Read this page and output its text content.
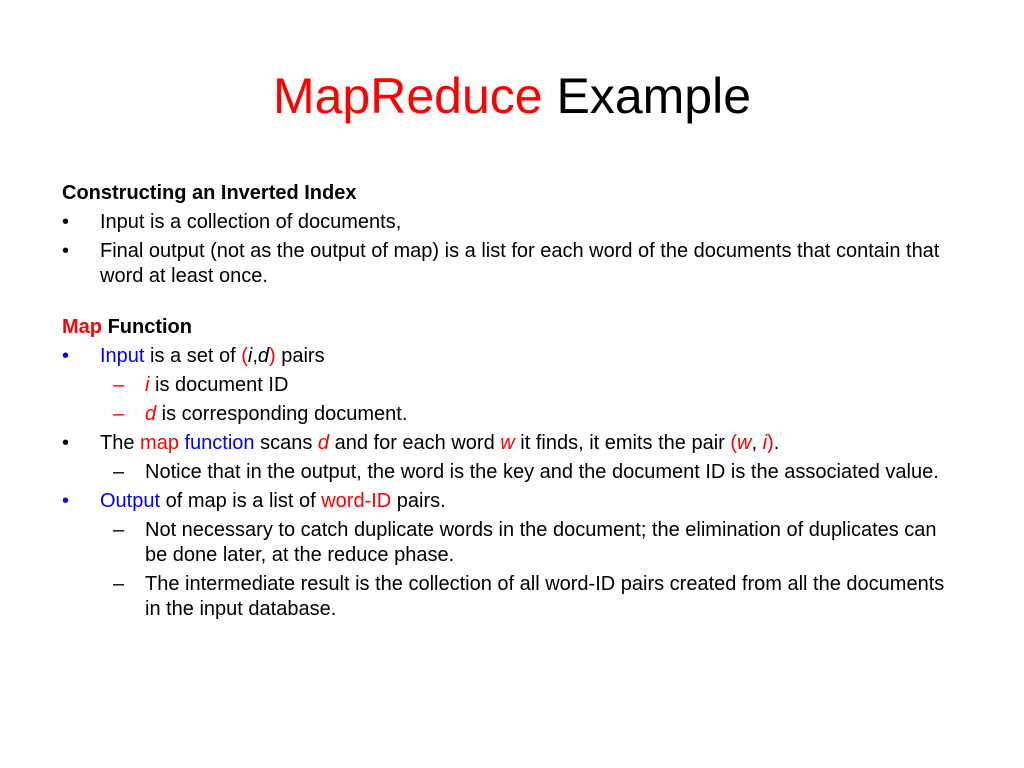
MapReduce Example
Constructing an Inverted Index
•	Input is a collection of documents,
•	Final output (not as the output of map) is a list for each word of the documents that contain that word at least once.
Map Function
•	Input is a set of (i,d) pairs
–	i is document ID
–	d is corresponding document.
•	The map function scans d and for each word w it finds, it emits the pair (w, i).
–	Notice that in the output, the word is the key and the document ID is the associated value.
•	Output of map is a list of word-ID pairs.
–	Not necessary to catch duplicate words in the document; the elimination of duplicates can be done later, at the reduce phase.
–	The intermediate result is the collection of all word-ID pairs created from all the documents in the input database.
